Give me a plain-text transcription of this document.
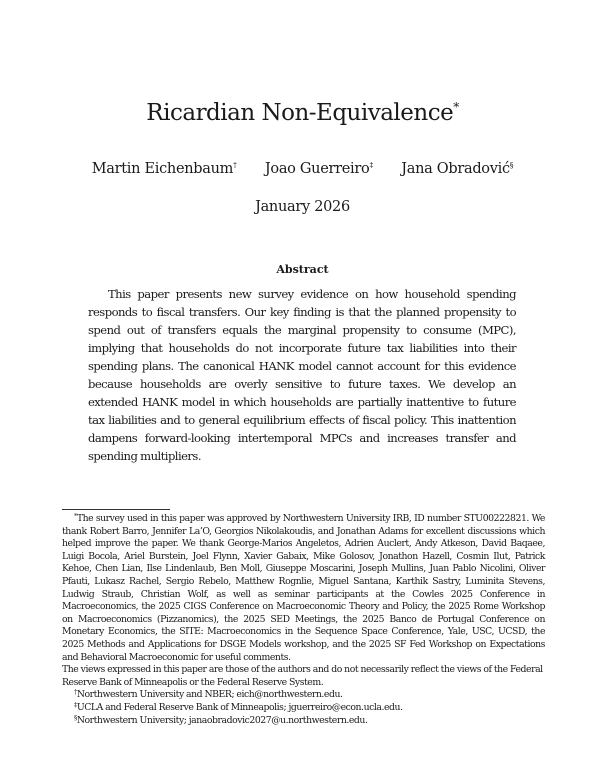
Ricardian Non-Equivalence*
Martin Eichenbaum† Joao Guerreiro‡ Jana Obradović§
January 2026
Abstract

This paper presents new survey evidence on how household spending responds to fiscal transfers. Our key finding is that the planned propensity to spend out of transfers equals the marginal propensity to consume (MPC), implying that households do not incorporate future tax liabilities into their spending plans. The canonical HANK model cannot account for this evidence because households are overly sensitive to future taxes. We develop an extended HANK model in which households are partially inattentive to future tax liabilities and to general equilibrium effects of fiscal policy. This inattention dampens forward-looking intertemporal MPCs and increases transfer and spending multipliers.

*The survey used in this paper was approved by Northwestern University IRB, ID number STU00222821. We thank Robert Barro, Jennifer La’O, Georgios Nikolakoudis, and Jonathan Adams for excellent discussions which helped improve the paper. We thank George-Marios Angeletos, Adrien Auclert, Andy Atkeson, David Baqaee, Luigi Bocola, Ariel Burstein, Joel Flynn, Xavier Gabaix, Mike Golosov, Jonathon Hazell, Cosmin Ilut, Patrick Kehoe, Chen Lian, Ilse Lindenlaub, Ben Moll, Giuseppe Moscarini, Joseph Mullins, Juan Pablo Nicolini, Oliver Pfauti, Lukasz Rachel, Sergio Rebelo, Matthew Rognlie, Miguel Santana, Karthik Sastry, Luminita Stevens, Ludwig Straub, Christian Wolf, as well as seminar participants at the Cowles 2025 Conference in Macroeconomics, the 2025 CIGS Conference on Macroeconomic Theory and Policy, the 2025 Rome Workshop on Macroeconomics (Pizzanomics), the 2025 SED Meetings, the 2025 Banco de Portugal Conference on Monetary Economics, the SITE: Macroeconomics in the Sequence Space Conference, Yale, USC, UCSD, the 2025 Methods and Applications for DSGE Models workshop, and the 2025 SF Fed Workshop on Expectations and Behavioral Macroeconomic for useful comments.

The views expressed in this paper are those of the authors and do not necessarily reflect the views of the Federal Reserve Bank of Minneapolis or the Federal Reserve System.

†Northwestern University and NBER; eich@northwestern.edu.

‡UCLA and Federal Reserve Bank of Minneapolis; jguerreiro@econ.ucla.edu.

§Northwestern University; janaobradovic2027@u.northwestern.edu.
